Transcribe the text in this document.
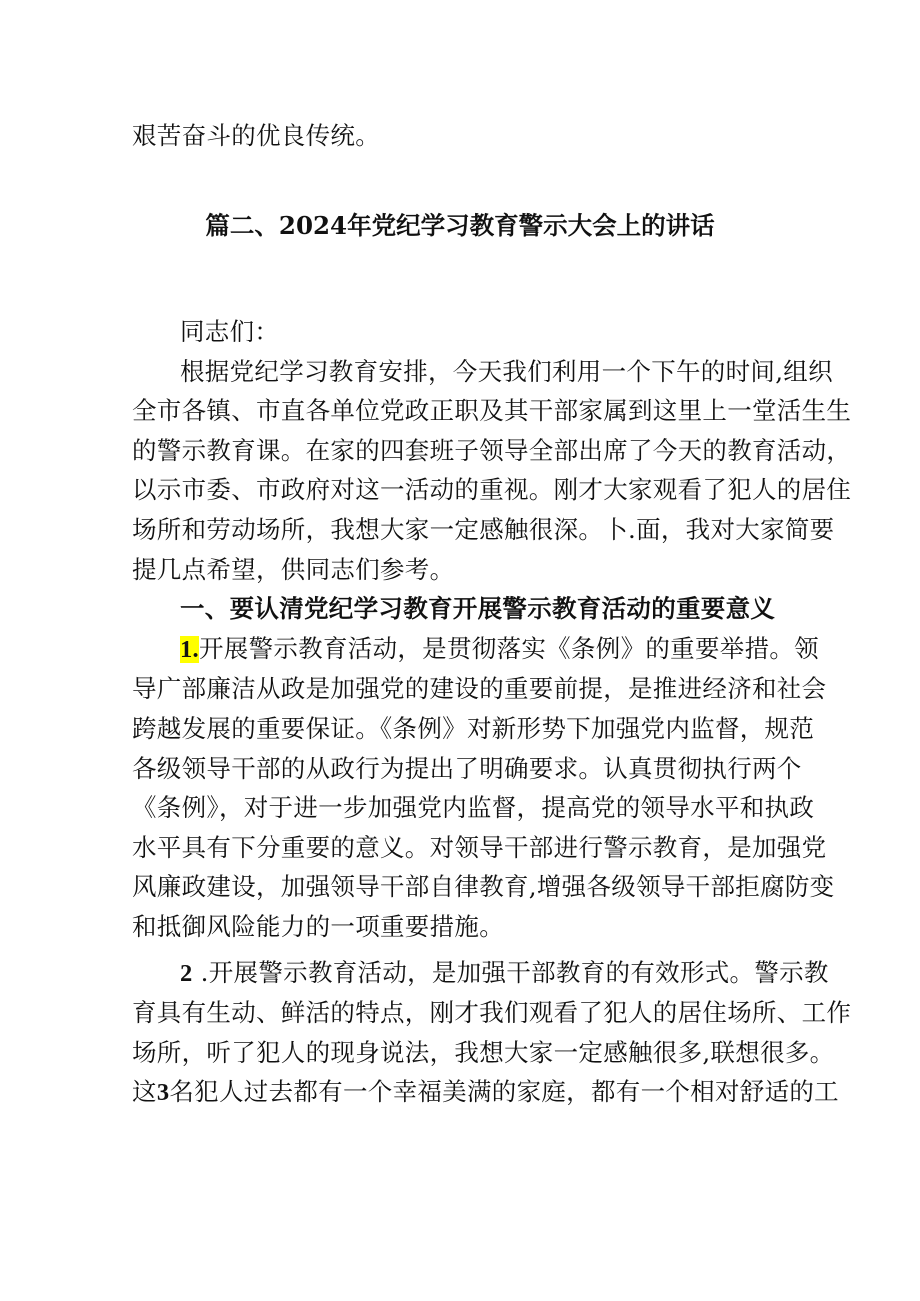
艰苦奋斗的优良传统。

篇二、2024年党纪学习教育警示大会上的讲话
同志们：
根据党纪学习教育安排，今天我们利用一个下午的时间,组织
全市各镇、市直各单位党政正职及其干部家属到这里上一堂活生生
的警示教育课。在家的四套班子领导全部出席了今天的教育活动，
以示市委、市政府对这一活动的重视。刚才大家观看了犯人的居住
场所和劳动场所，我想大家一定感触很深。卜.面，我对大家简要
提几点希望，供同志们参考。
一、要认清党纪学习教育开展警示教育活动的重要意义
1.开展警示教育活动，是贯彻落实《条例》的重要举措。领
导广部廉洁从政是加强党的建设的重要前提，是推进经济和社会
跨越发展的重要保证。《条例》对新形势下加强党内监督，规范
各级领导干部的从政行为提出了明确要求。认真贯彻执行两个
《条例》，对于进一步加强党内监督，提高党的领导水平和执政
水平具有下分重要的意义。对领导干部进行警示教育，是加强党
风廉政建设，加强领导干部自律教育,增强各级领导干部拒腐防变
和抵御风险能力的一项重要措施。
2 .开展警示教育活动，是加强干部教育的有效形式。警示教
育具有生动、鲜活的特点，刚才我们观看了犯人的居住场所、工作
场所，听了犯人的现身说法，我想大家一定感触很多,联想很多。
这3名犯人过去都有一个幸福美满的家庭，都有一个相对舒适的工
